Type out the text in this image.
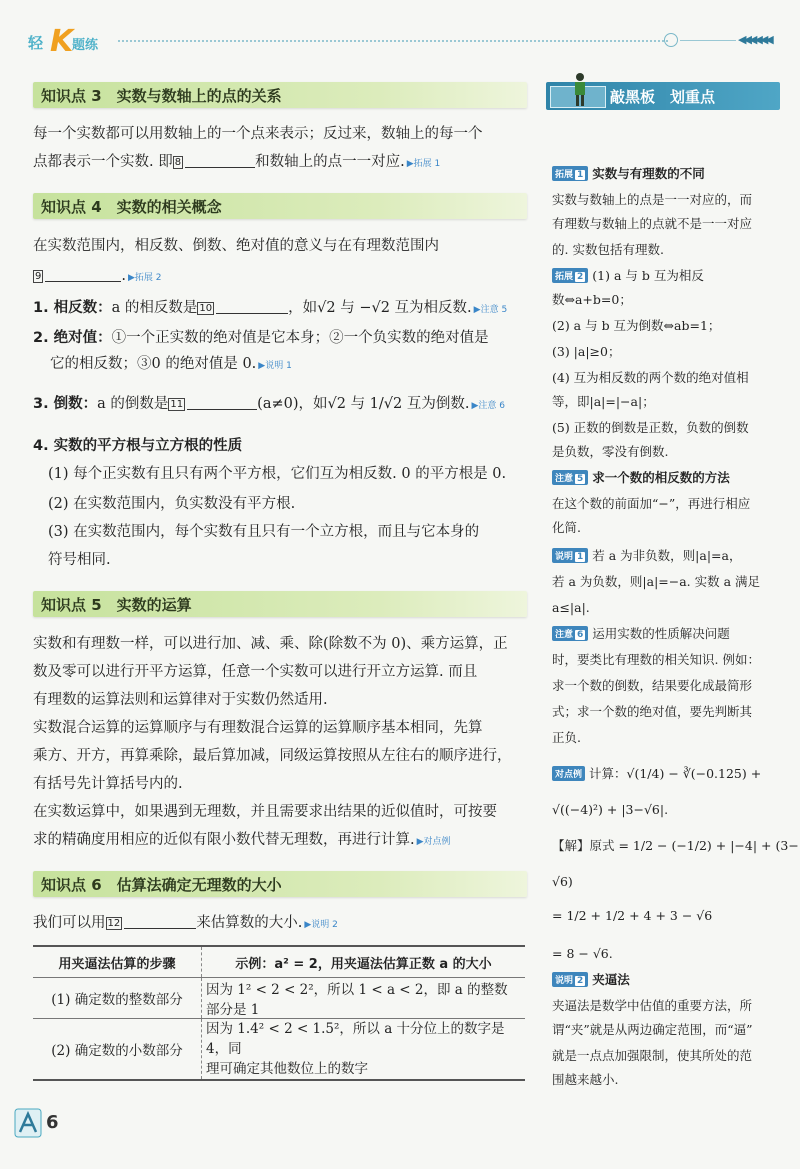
轻 K
题练	◀◀◀◀◀◀
知识点 3　实数与数轴上的点的关系
每一个实数都可以用数轴上的一个点来表示；反过来，数轴上的每一个
点都表示一个实数. 即 8	和数轴上的点一一对应. ▶拓展 1
知识点 4　实数的相关概念
在实数范围内，相反数、倒数、绝对值的意义与在有理数范围内
9	. ▶拓展 2
1. 相反数：a 的相反数是 10	，如√2 与 −√2 互为相反数. ▶注意 5
2. 绝对值：①一个正实数的绝对值是它本身；②一个负实数的绝对值是
它的相反数；③0 的绝对值是 0. ▶说明 1
3. 倒数：a 的倒数是 11	(a≠0)，如√2 与 1/√2 互为倒数. ▶注意 6
4. 实数的平方根与立方根的性质
(1) 每个正实数有且只有两个平方根，它们互为相反数. 0 的平方根是 0.
(2) 在实数范围内，负实数没有平方根.
(3) 在实数范围内，每个实数有且只有一个立方根，而且与它本身的
符号相同.
知识点 5　实数的运算
实数和有理数一样，可以进行加、减、乘、除(除数不为 0)、乘方运算，正
数及零可以进行开平方运算，任意一个实数可以进行开立方运算. 而且
有理数的运算法则和运算律对于实数仍然适用.
实数混合运算的运算顺序与有理数混合运算的运算顺序基本相同，先算
乘方、开方，再算乘除，最后算加减，同级运算按照从左往右的顺序进行，
有括号先计算括号内的.
在实数运算中，如果遇到无理数，并且需要求出结果的近似值时，可按要
求的精确度用相应的近似有限小数代替无理数，再进行计算. ▶对点例
知识点 6　估算法确定无理数的大小
我们可以用 12	来估算数的大小. ▶说明 2
用夹逼法估算的步骤	示例：a² = 2，用夹逼法估算正数 a 的大小
(1) 确定数的整数部分	因为 1² < 2 < 2²，所以 1 < a < 2，即 a 的整数部分是 1
(2) 确定数的小数部分	因为 1.4² < 2 < 1.5²，所以 a 十分位上的数字是 4，同
理可确定其他数位上的数字
敲黑板　划重点
拓展 1 实数与有理数的不同
实数与数轴上的点是一一对应的，而
有理数与数轴上的点就不是一一对应
的. 实数包括有理数.
拓展 2 (1) a 与 b 互为相反
数⇔a+b=0；
(2) a 与 b 互为倒数⇔ab=1；
(3) |a|≥0；
(4) 互为相反数的两个数的绝对值相
等，即|a|=|−a|；
(5) 正数的倒数是正数，负数的倒数
是负数，零没有倒数.
注意 5 求一个数的相反数的方法
在这个数的前面加“−”，再进行相应
化简.
说明 1 若 a 为非负数，则|a|=a，
若 a 为负数，则|a|=−a. 实数 a 满足
a≤|a|.
注意 6 运用实数的性质解决问题
时，要类比有理数的相关知识. 例如：
求一个数的倒数，结果要化成最简形
式；求一个数的绝对值，要先判断其
正负.
对点例 计算：√(1/4) − ∛(−0.125) +
√((−4)²) + |3−√6|.
【解】原式 = 1/2 − (−1/2) + |−4| + (3−
√6)
= 1/2 + 1/2 + 4 + 3 − √6
= 8 − √6.
说明 2 夹逼法
夹逼法是数学中估值的重要方法，所
谓“夹”就是从两边确定范围，而“逼”
就是一点点加强限制，使其所处的范
围越来越小.
6
